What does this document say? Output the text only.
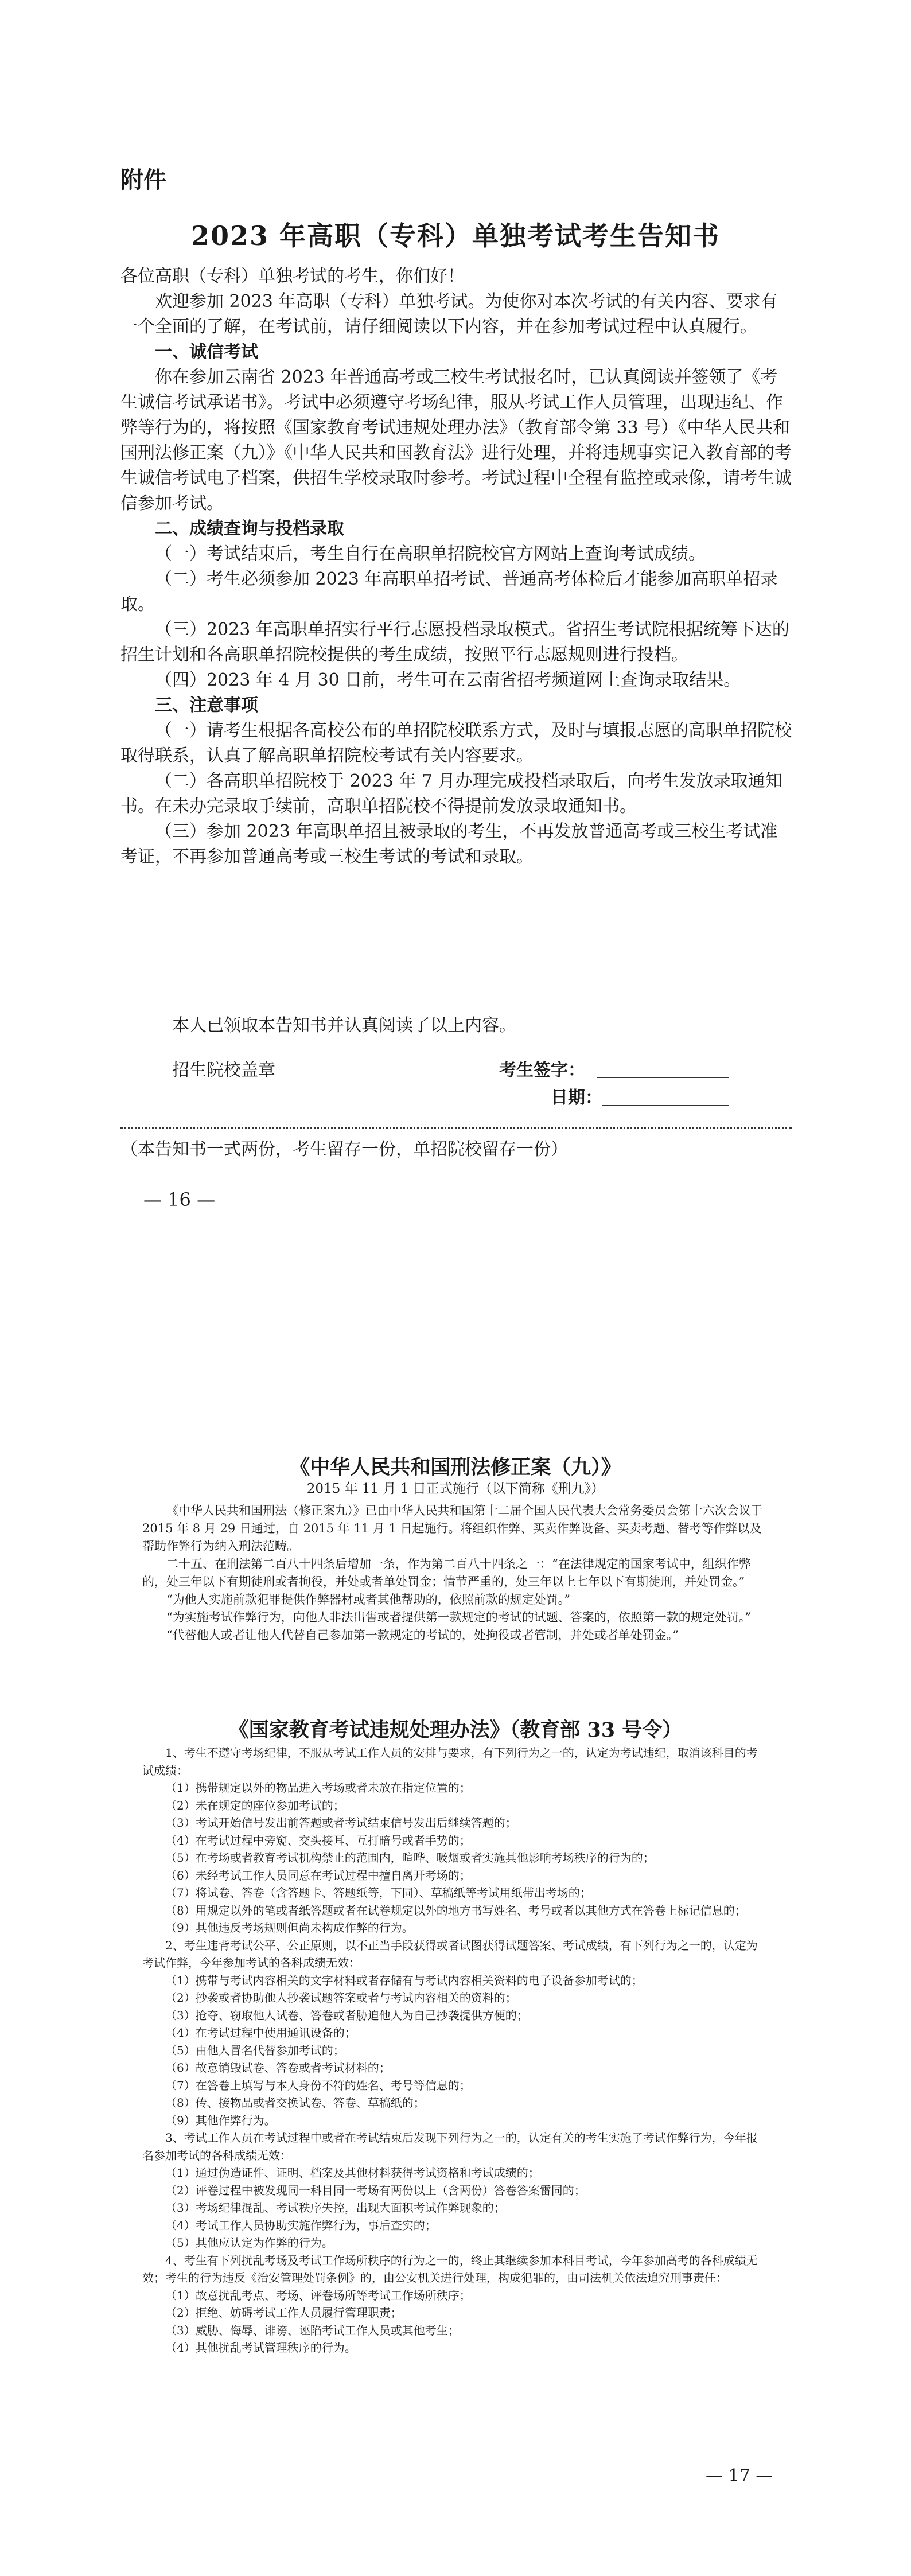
附件
2023 年高职（专科）单独考试考生告知书

各位高职（专科）单独考试的考生，你们好！

欢迎参加 2023 年高职（专科）单独考试。为使你对本次考试的有关内容、要求有一个全面的了解，在考试前，请仔细阅读以下内容，并在参加考试过程中认真履行。

一、诚信考试

你在参加云南省 2023 年普通高考或三校生考试报名时，已认真阅读并签领了《考生诚信考试承诺书》。考试中必须遵守考场纪律，服从考试工作人员管理，出现违纪、作弊等行为的，将按照《国家教育考试违规处理办法》（教育部令第 33 号）《中华人民共和国刑法修正案（九）》《中华人民共和国教育法》进行处理，并将违规事实记入教育部的考生诚信考试电子档案，供招生学校录取时参考。考试过程中全程有监控或录像，请考生诚信参加考试。

二、成绩查询与投档录取

（一）考试结束后，考生自行在高职单招院校官方网站上查询考试成绩。

（二）考生必须参加 2023 年高职单招考试、普通高考体检后才能参加高职单招录取。

（三）2023 年高职单招实行平行志愿投档录取模式。省招生考试院根据统筹下达的招生计划和各高职单招院校提供的考生成绩，按照平行志愿规则进行投档。

（四）2023 年 4 月 30 日前，考生可在云南省招考频道网上查询录取结果。

三、注意事项

（一）请考生根据各高校公布的单招院校联系方式，及时与填报志愿的高职单招院校取得联系，认真了解高职单招院校考试有关内容要求。

（二）各高职单招院校于 2023 年 7 月办理完成投档录取后，向考生发放录取通知书。在未办完录取手续前，高职单招院校不得提前发放录取通知书。

（三）参加 2023 年高职单招且被录取的考生，不再发放普通高考或三校生考试准考证，不再参加普通高考或三校生考试的考试和录取。

本人已领取本告知书并认真阅读了以上内容。
招生院校盖章	考生签字：
日期：
（本告知书一式两份，考生留存一份，单招院校留存一份）
— 16 —
《中华人民共和国刑法修正案（九）》
2015 年 11 月 1 日正式施行（以下简称《刑九》）

《中华人民共和国刑法（修正案九）》已由中华人民共和国第十二届全国人民代表大会常务委员会第十六次会议于 2015 年 8 月 29 日通过，自 2015 年 11 月 1 日起施行。将组织作弊、买卖作弊设备、买卖考题、替考等作弊以及帮助作弊行为纳入刑法范畴。

二十五、在刑法第二百八十四条后增加一条，作为第二百八十四条之一：“在法律规定的国家考试中，组织作弊的，处三年以下有期徒刑或者拘役，并处或者单处罚金；情节严重的，处三年以上七年以下有期徒刑，并处罚金。”

“为他人实施前款犯罪提供作弊器材或者其他帮助的，依照前款的规定处罚。”

“为实施考试作弊行为，向他人非法出售或者提供第一款规定的考试的试题、答案的，依照第一款的规定处罚。”

“代替他人或者让他人代替自己参加第一款规定的考试的，处拘役或者管制，并处或者单处罚金。”

《国家教育考试违规处理办法》（教育部 33 号令）

1、考生不遵守考场纪律，不服从考试工作人员的安排与要求，有下列行为之一的，认定为考试违纪，取消该科目的考试成绩：

（1）携带规定以外的物品进入考场或者未放在指定位置的；

（2）未在规定的座位参加考试的；

（3）考试开始信号发出前答题或者考试结束信号发出后继续答题的；

（4）在考试过程中旁窥、交头接耳、互打暗号或者手势的；

（5）在考场或者教育考试机构禁止的范围内，喧哗、吸烟或者实施其他影响考场秩序的行为的；

（6）未经考试工作人员同意在考试过程中擅自离开考场的；

（7）将试卷、答卷（含答题卡、答题纸等，下同）、草稿纸等考试用纸带出考场的；

（8）用规定以外的笔或者纸答题或者在试卷规定以外的地方书写姓名、考号或者以其他方式在答卷上标记信息的；

（9）其他违反考场规则但尚未构成作弊的行为。

2、考生违背考试公平、公正原则，以不正当手段获得或者试图获得试题答案、考试成绩，有下列行为之一的，认定为考试作弊，今年参加考试的各科成绩无效：

（1）携带与考试内容相关的文字材料或者存储有与考试内容相关资料的电子设备参加考试的；

（2）抄袭或者协助他人抄袭试题答案或者与考试内容相关的资料的；

（3）抢夺、窃取他人试卷、答卷或者胁迫他人为自己抄袭提供方便的；

（4）在考试过程中使用通讯设备的；

（5）由他人冒名代替参加考试的；

（6）故意销毁试卷、答卷或者考试材料的；

（7）在答卷上填写与本人身份不符的姓名、考号等信息的；

（8）传、接物品或者交换试卷、答卷、草稿纸的；

（9）其他作弊行为。

3、考试工作人员在考试过程中或者在考试结束后发现下列行为之一的，认定有关的考生实施了考试作弊行为，今年报名参加考试的各科成绩无效：

（1）通过伪造证件、证明、档案及其他材料获得考试资格和考试成绩的；

（2）评卷过程中被发现同一科目同一考场有两份以上（含两份）答卷答案雷同的；

（3）考场纪律混乱、考试秩序失控，出现大面积考试作弊现象的；

（4）考试工作人员协助实施作弊行为，事后查实的；

（5）其他应认定为作弊的行为。

4、考生有下列扰乱考场及考试工作场所秩序的行为之一的，终止其继续参加本科目考试，今年参加高考的各科成绩无效；考生的行为违反《治安管理处罚条例》的，由公安机关进行处理，构成犯罪的，由司法机关依法追究刑事责任：

（1）故意扰乱考点、考场、评卷场所等考试工作场所秩序；

（2）拒绝、妨碍考试工作人员履行管理职责；

（3）威胁、侮辱、诽谤、诬陷考试工作人员或其他考生；

（4）其他扰乱考试管理秩序的行为。

— 17 —
